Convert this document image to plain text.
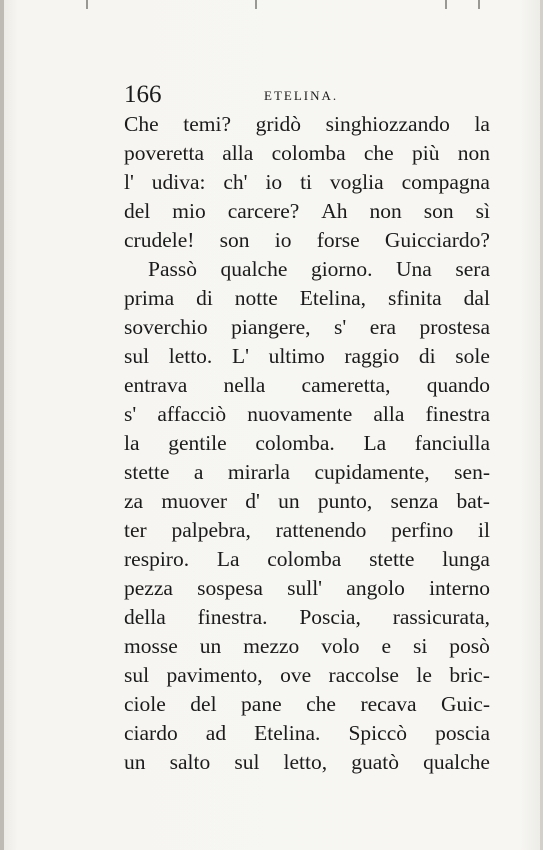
166	ETELINA.
Che temi? gridò singhiozzando la
poveretta alla colomba che più non
l' udiva: ch' io ti voglia compagna
del mio carcere? Ah non son sì
crudele! son io forse Guicciardo?
Passò qualche giorno. Una sera
prima di notte Etelina, sfinita dal
soverchio piangere, s' era prostesa
sul letto. L' ultimo raggio di sole
entrava nella cameretta, quando
s' affacciò nuovamente alla finestra
la gentile colomba. La fanciulla
stette a mirarla cupidamente, sen-
za muover d' un punto, senza bat-
ter palpebra, rattenendo perfino il
respiro. La colomba stette lunga
pezza sospesa sull' angolo interno
della finestra. Poscia, rassicurata,
mosse un mezzo volo e si posò
sul pavimento, ove raccolse le bric-
ciole del pane che recava Guic-
ciardo ad Etelina. Spiccò poscia
un salto sul letto, guatò qualche
